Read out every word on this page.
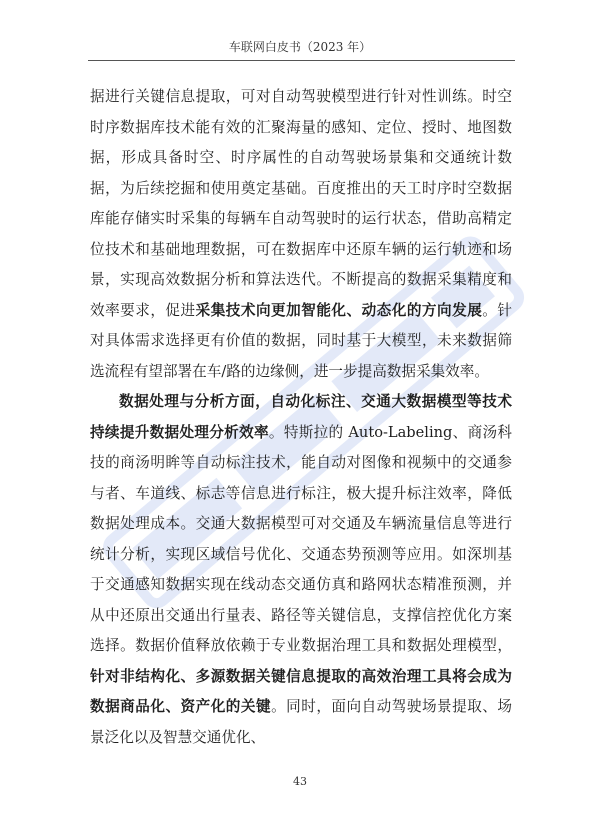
车联网白皮书（2023 年）

据进行关键信息提取，可对自动驾驶模型进行针对性训练。时空时序数据库技术能有效的汇聚海量的感知、定位、授时、地图数据，形成具备时空、时序属性的自动驾驶场景集和交通统计数据，为后续挖掘和使用奠定基础。百度推出的天工时序时空数据库能存储实时采集的每辆车自动驾驶时的运行状态，借助高精定位技术和基础地理数据，可在数据库中还原车辆的运行轨迹和场景，实现高效数据分析和算法迭代。不断提高的数据采集精度和效率要求，促进采集技术向更加智能化、动态化的方向发展。针对具体需求选择更有价值的数据，同时基于大模型，未来数据筛选流程有望部署在车/路的边缘侧，进一步提高数据采集效率。

数据处理与分析方面，自动化标注、交通大数据模型等技术持续提升数据处理分析效率。特斯拉的 Auto-Labeling、商汤科技的商汤明眸等自动标注技术，能自动对图像和视频中的交通参与者、车道线、标志等信息进行标注，极大提升标注效率，降低数据处理成本。交通大数据模型可对交通及车辆流量信息等进行统计分析，实现区域信号优化、交通态势预测等应用。如深圳基于交通感知数据实现在线动态交通仿真和路网状态精准预测，并从中还原出交通出行量表、路径等关键信息，支撑信控优化方案选择。数据价值释放依赖于专业数据治理工具和数据处理模型，针对非结构化、多源数据关键信息提取的高效治理工具将会成为数据商品化、资产化的关键。同时，面向自动驾驶场景提取、场景泛化以及智慧交通优化、

43
